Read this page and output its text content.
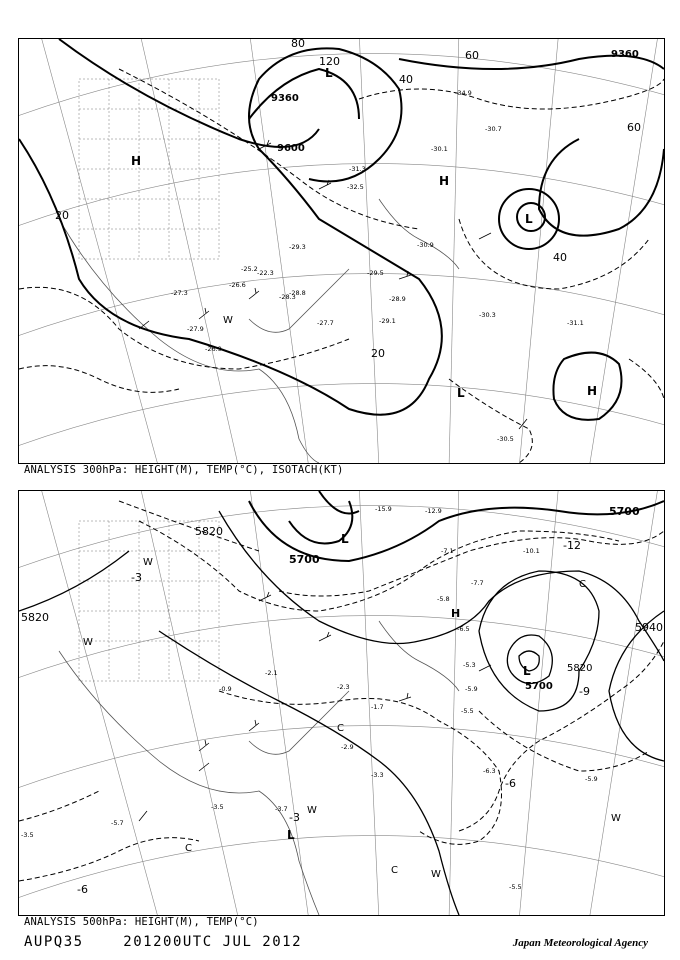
9360
9600
9360
20
20
40
40
60
60
80
120
H
H
H
L
L
L
W
-31.3
-32.5
-30.1
-29.5
-30.9
-28.9
-29.1
-27.7
-30.3
-31.1
-30.5
-27.3	-28.3
-26.6
-25.2 -22.3
-29.3
-28.8
-27.9
-26.9
-30.7
-34.9
ANALYSIS 300hPa: HEIGHT(M), TEMP(°C), ISOTACH(KT)
5820
5820
5700
5700
5700
5820
5940
-12
-9
-6
-3
-3
-6
L
L
L
H
W
W
W
W
W
C
C
C
C
-15.9	-12.9
-10.1
-7.1
-7.7
-5.8
-6.5
-5.3
-5.5
-5.9
-6.3
-5.9
-5.5
-3.5	-3.7
-2.9
-3.3
-2.1
-1.7
-0.9	-2.3
-5.7
-3.5
ANALYSIS 500hPa: HEIGHT(M), TEMP(°C)
AUPQ35	201200UTC JUL 2012	Japan Meteorological Agency
